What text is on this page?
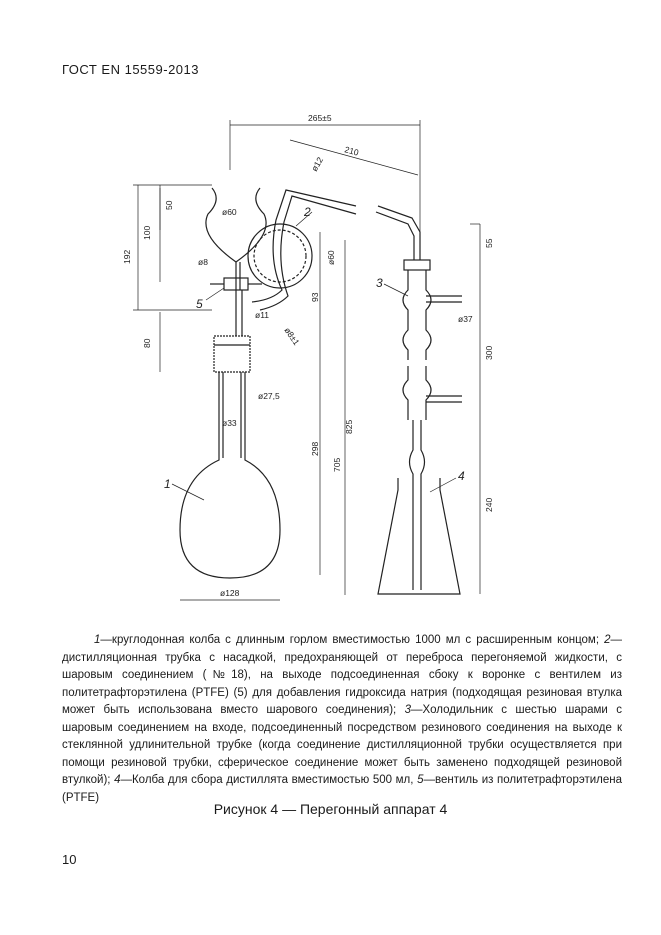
ГОСТ EN 15559-2013
265±5
210
ø12
50
100
192
ø60
ø60
ø8
93
ø11
ø8±1
80
ø27,5
ø33
298
705
825
ø128
55
ø37
300
240
1
2
3
4
5

1—круглодонная колба с длинным горлом вместимостью 1000 мл с расширенным концом; 2—дистилляционная трубка с насадкой, предохраняющей от переброса перегоняемой жидкости, с шаровым соединением (№18), на выходе подсоединенная сбоку к воронке с вентилем из политетрафторэтилена (PTFE) (5) для добавления гидроксида натрия (подходящая резиновая втулка может быть использована вместо шарового соединения); 3—Холодильник с шестью шарами с шаровым соединением на входе, подсоединенный посредством резинового соединения на выходе к стеклянной удлинительной трубке (когда соединение дистилляционной трубки осуществляется при помощи резиновой трубки, сферическое соединение может быть заменено подходящей резиновой втулкой); 4—Колба для сбора дистиллята вместимостью 500 мл, 5—вентиль из политетрафторэтилена (PTFE)

Рисунок 4 — Перегонный аппарат 4
10
